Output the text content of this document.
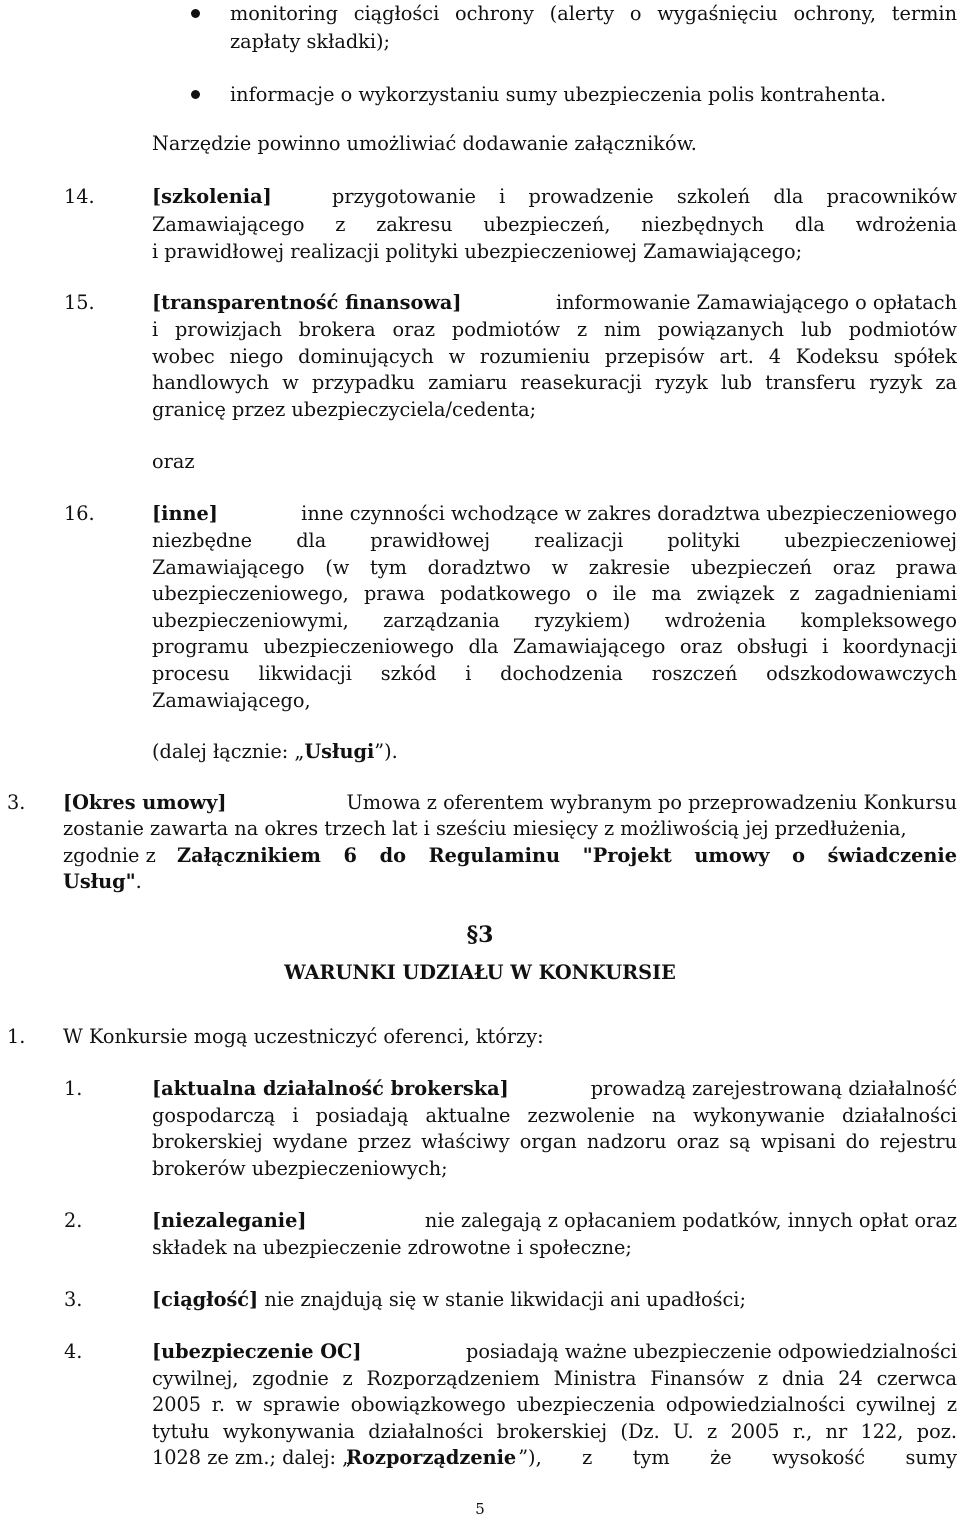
monitoring ciągłości ochrony (alerty o wygaśnięciu ochrony, termin

zapłaty składki);

informacje o wykorzystaniu sumy ubezpieczenia polis kontrahenta.

Narzędzie powinno umożliwiać dodawanie załączników.

14.	[szkolenia]	przygotowanie i prowadzenie szkoleń dla pracowników

Zamawiającego z zakresu ubezpieczeń, niezbędnych dla wdrożenia

i prawidłowej realizacji polityki ubezpieczeniowej Zamawiającego;

15.	[transparentność finansowa]	informowanie Zamawiającego o opłatach

i prowizjach brokera oraz podmiotów z nim powiązanych lub podmiotów

wobec niego dominujących w rozumieniu przepisów art. 4 Kodeksu spółek

handlowych w przypadku zamiaru reasekuracji ryzyk lub transferu ryzyk za

granicę przez ubezpieczyciela/cedenta;

oraz

16.	[inne]	inne czynności wchodzące w zakres doradztwa ubezpieczeniowego

niezbędne dla prawidłowej realizacji polityki ubezpieczeniowej

Zamawiającego (w tym doradztwo w zakresie ubezpieczeń oraz prawa

ubezpieczeniowego, prawa podatkowego o ile ma związek z zagadnieniami

ubezpieczeniowymi, zarządzania ryzykiem) wdrożenia kompleksowego

programu ubezpieczeniowego dla Zamawiającego oraz obsługi i koordynacji

procesu likwidacji szkód i dochodzenia roszczeń odszkodowawczych

Zamawiającego,

(dalej łącznie: „Usługi”).

3. [Okres umowy]	Umowa z oferentem wybranym po przeprowadzeniu Konkursu

zostanie zawarta na okres trzech lat i sześciu miesięcy z możliwością jej przedłużenia,

zgodnie z Załącznikiem 6 do Regulaminu "Projekt umowy o świadczenie

Usług".

§3
WARUNKI UDZIAŁU W KONKURSIE
1. W Konkursie mogą uczestniczyć oferenci, którzy:

1.	[aktualna działalność brokerska]	prowadzą zarejestrowaną działalność

gospodarczą i posiadają aktualne zezwolenie na wykonywanie działalności

brokerskiej wydane przez właściwy organ nadzoru oraz są wpisani do rejestru

brokerów ubezpieczeniowych;

2.	[niezaleganie]	nie zalegają z opłacaniem podatków, innych opłat oraz

składek na ubezpieczenie zdrowotne i społeczne;

3.	[ciągłość] nie znajdują się w stanie likwidacji ani upadłości;

4.	[ubezpieczenie OC]	posiadają ważne ubezpieczenie odpowiedzialności

cywilnej, zgodnie z Rozporządzeniem Ministra Finansów z dnia 24 czerwca

2005 r. w sprawie obowiązkowego ubezpieczenia odpowiedzialności cywilnej z

tytułu wykonywania działalności brokerskiej (Dz. U. z 2005 r., nr 122, poz.

1028 ze zm.; dalej: „
Rozporządzenie ”), z tym że wysokość sumy

5
